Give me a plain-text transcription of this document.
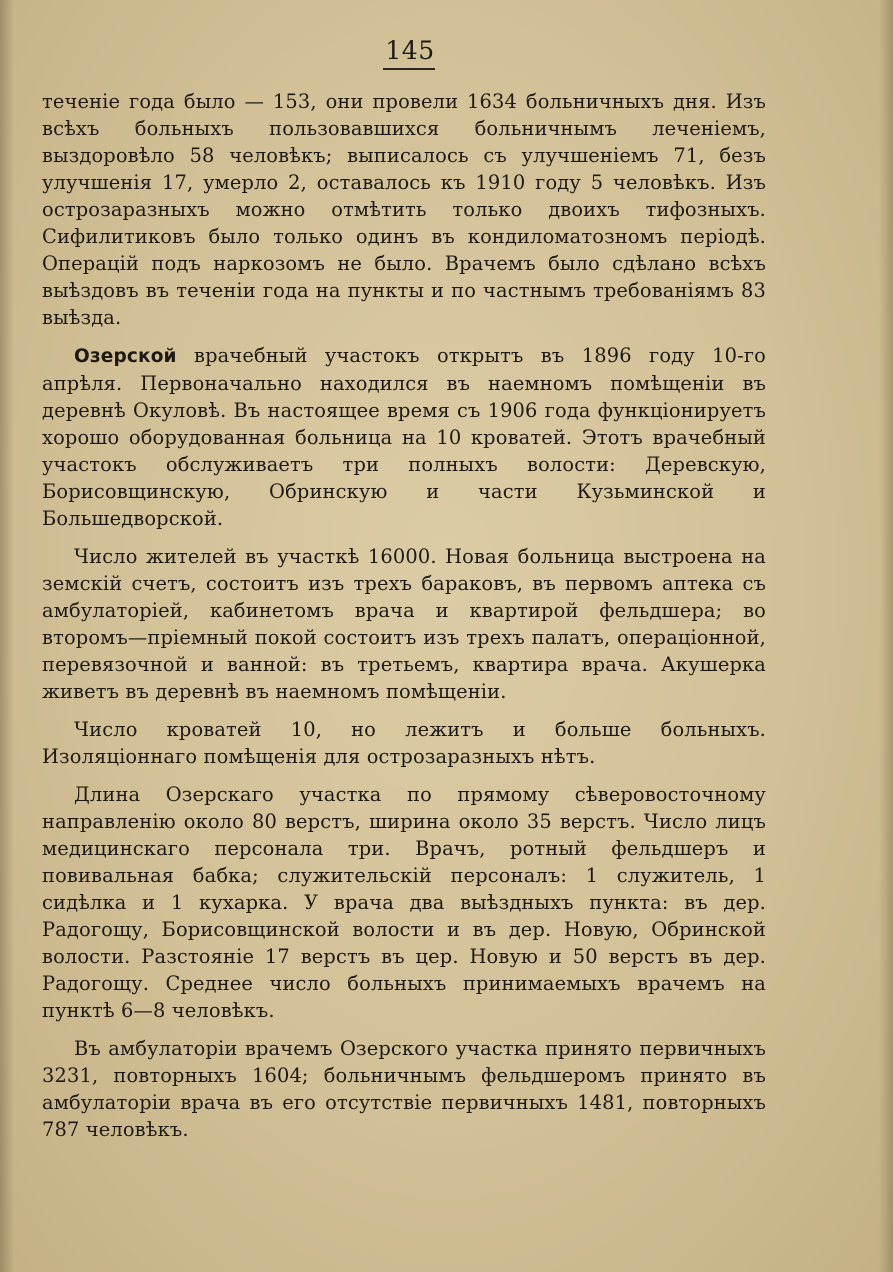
145

теченіе года было — 153, они провели 1634 больничныхъ дня. Изъ всѣхъ больныхъ пользовавшихся больничнымъ леченіемъ, выздоровѣло 58 человѣкъ; выписалось съ улучшеніемъ 71, безъ улучшенія 17, умерло 2, оставалось къ 1910 году 5 человѣкъ. Изъ острозаразныхъ можно отмѣтить только двоихъ тифозныхъ. Сифилитиковъ было только одинъ въ кондиломатозномъ періодѣ. Операцій подъ наркозомъ не было. Врачемъ было сдѣлано всѣхъ выѣздовъ въ теченіи года на пункты и по частнымъ требованіямъ 83 выѣзда.

Озерской врачебный участокъ открытъ въ 1896 году 10-го апрѣля. Первоначально находился въ наемномъ помѣщеніи въ деревнѣ Окуловѣ. Въ настоящее время съ 1906 года функціонируетъ хорошо оборудованная больница на 10 кроватей. Этотъ врачебный участокъ обслуживаетъ три полныхъ волости: Деревскую, Борисовщинскую, Обринскую и части Кузьминской и Большедворской.

Число жителей въ участкѣ 16000. Новая больница выстроена на земскій счетъ, состоитъ изъ трехъ бараковъ, въ первомъ аптека съ амбулаторіей, кабинетомъ врача и квартирой фельдшера; во второмъ—пріемный покой состоитъ изъ трехъ палатъ, операціонной, перевязочной и ванной: въ третьемъ, квартира врача. Акушерка живетъ въ деревнѣ въ наемномъ помѣщеніи.

Число кроватей 10, но лежитъ и больше больныхъ. Изоляціоннаго помѣщенія для острозаразныхъ нѣтъ.

Длина Озерскаго участка по прямому сѣверовосточному направленію около 80 верстъ, ширина около 35 верстъ. Число лицъ медицинскаго персонала три. Врачъ, ротный фельдшеръ и повивальная бабка; служительскій персоналъ: 1 служитель, 1 сидѣлка и 1 кухарка. У врача два выѣздныхъ пункта: въ дер. Радогощу, Борисовщинской волости и въ дер. Новую, Обринской волости. Разстояніе 17 верстъ въ цер. Новую и 50 верстъ въ дер. Радогощу. Среднее число больныхъ принимаемыхъ врачемъ на пунктѣ 6—8 человѣкъ.

Въ амбулаторіи врачемъ Озерского участка принято первичныхъ 3231, повторныхъ 1604; больничнымъ фельдшеромъ принято въ амбулаторіи врача въ его отсутствіе первичныхъ 1481, повторныхъ 787 человѣкъ.
